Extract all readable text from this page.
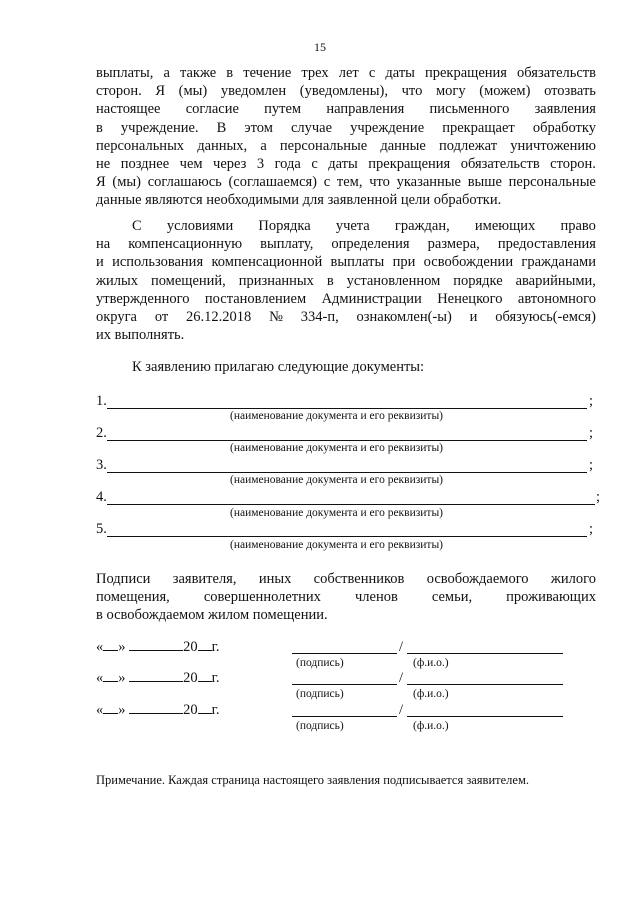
15
выплаты, а также в течение трех лет с даты прекращения обязательств
сторон. Я (мы) уведомлен (уведомлены), что могу (можем) отозвать
настоящее согласие путем направления письменного заявления
в учреждение. В этом случае учреждение прекращает обработку
персональных данных, а персональные данные подлежат уничтожению
не позднее чем через 3 года с даты прекращения обязательств сторон.
Я (мы) соглашаюсь (соглашаемся) с тем, что указанные выше персональные
данные являются необходимыми для заявленной цели обработки.
С условиями Порядка учета граждан, имеющих право
на компенсационную выплату, определения размера, предоставления
и использования компенсационной выплаты при освобождении гражданами
жилых помещений, признанных в установленном порядке аварийными,
утвержденного постановлением Администрации Ненецкого автономного
округа от 26.12.2018 № 334-п, ознакомлен(-ы) и обязуюсь(-емся)
их выполнять.
К заявлению прилагаю следующие документы:
1.	;
(наименование документа и его реквизиты)
2.	;
(наименование документа и его реквизиты)
3.	;
(наименование документа и его реквизиты)
4.	;
(наименование документа и его реквизиты)
5.	;
(наименование документа и его реквизиты)
Подписи заявителя, иных собственников освобождаемого жилого
помещения, совершеннолетних членов семьи, проживающих
в освобождаемом жилом помещении.
« »	20 г.	/
(подпись)	(ф.и.о.)
« »	20 г.	/
(подпись)	(ф.и.о.)
« »	20 г.	/
(подпись)	(ф.и.о.)
Примечание. Каждая страница настоящего заявления подписывается заявителем.
